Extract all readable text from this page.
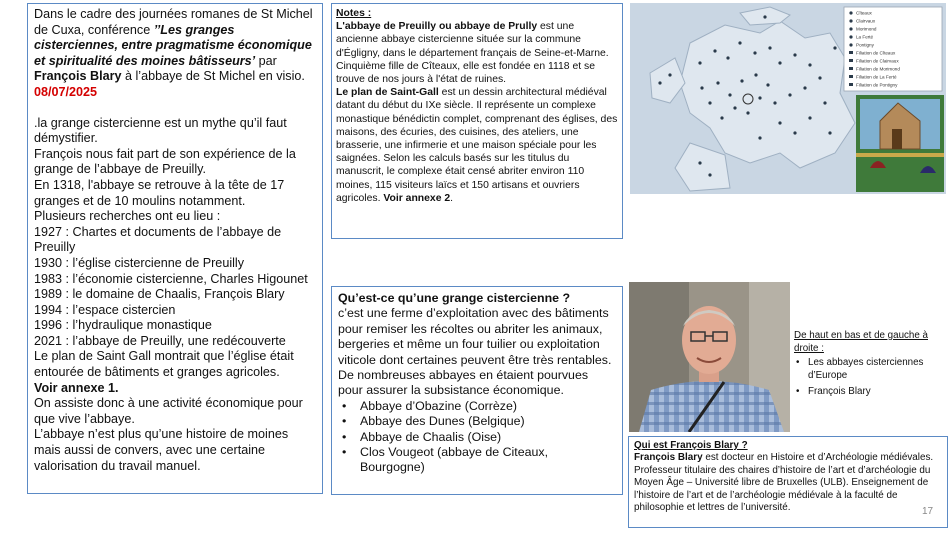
Dans le cadre des journées romanes de St Michel de Cuxa, conférence ’’Les granges cisterciennes, entre pragmatisme économique et spiritualité des moines bâtisseurs’ par François Blary à l’abbaye de St Michel en visio. 08/07/2025

.la grange cistercienne est un mythe qu’il faut démystifier.

François nous fait part de son expérience de la grange de l’abbaye de Preuilly.

En 1318, l'abbaye se retrouve à la tête de 17 granges et de 10 moulins notamment.

Plusieurs recherches ont eu lieu :

1927 : Chartes et documents de l’abbaye de Preuilly

1930 : l’église cistercienne de Preuilly

1983 : l’économie cistercienne, Charles Higounet

1989 : le domaine de Chaalis, François Blary

1994 : l’espace cistercien

1996 : l’hydraulique monastique

2021 : l’abbaye de Preuilly, une redécouverte

Le plan de Saint Gall montrait que l’église était entourée de bâtiments et granges agricoles.

Voir annexe 1.

On assiste donc à une activité économique pour que vive l’abbaye.

L’abbaye n’est plus qu’une histoire de moines mais aussi de convers, avec une certaine valorisation du travail manuel.

Notes :

L'abbaye de Preuilly ou abbaye de Prully est une ancienne abbaye cistercienne située sur la commune d'Égligny, dans le département français de Seine-et-Marne.

Cinquième fille de Cîteaux, elle est fondée en 1118 et se trouve de nos jours à l'état de ruines.

Le plan de Saint-Gall est un dessin architectural médiéval datant du début du IXe siècle. Il représente un complexe monastique bénédictin complet, comprenant des églises, des maisons, des écuries, des cuisines, des ateliers, une brasserie, une infirmerie et une maison spéciale pour les saignées. Selon les calculs basés sur les titulus du manuscrit, le complexe était censé abriter environ 110 moines, 115 visiteurs laïcs et 150 artisans et ouvriers agricoles. Voir annexe 2.

Cîteaux
Clairvaux
Morimond
La Ferté
Pontigny
Filiation de Cîteaux
Filiation de Clairvaux
Filiation de Morimond
Filiation de La Ferté
Filiation de Pontigny

Qu’est-ce qu’une grange cistercienne ?

c’est une ferme d’exploitation avec des bâtiments pour remiser les récoltes ou abriter les animaux, bergeries et même un four tuilier ou exploitation viticole dont certaines peuvent être très rentables.

De nombreuses abbayes en étaient pourvues pour assurer la subsistance économique.

• Abbaye d’Obazine (Corrèze)
• Abbaye des Dunes (Belgique)
• Abbaye de Chaalis (Oise)
• Clos Vougeot (abbaye de Citeaux, Bourgogne)

De haut en bas et de gauche à droite :

• Les abbayes cisterciennes d’Europe
• François Blary

Qui est François Blary ?

François Blary est docteur en Histoire et d’Archéologie médiévales. Professeur titulaire des chaires d’histoire de l’art et d’archéologie du Moyen Âge – Université libre de Bruxelles (ULB). Enseignement de l’histoire de l’art et de l’archéologie médiévale à la faculté de philosophie et lettres de l’université.	17
